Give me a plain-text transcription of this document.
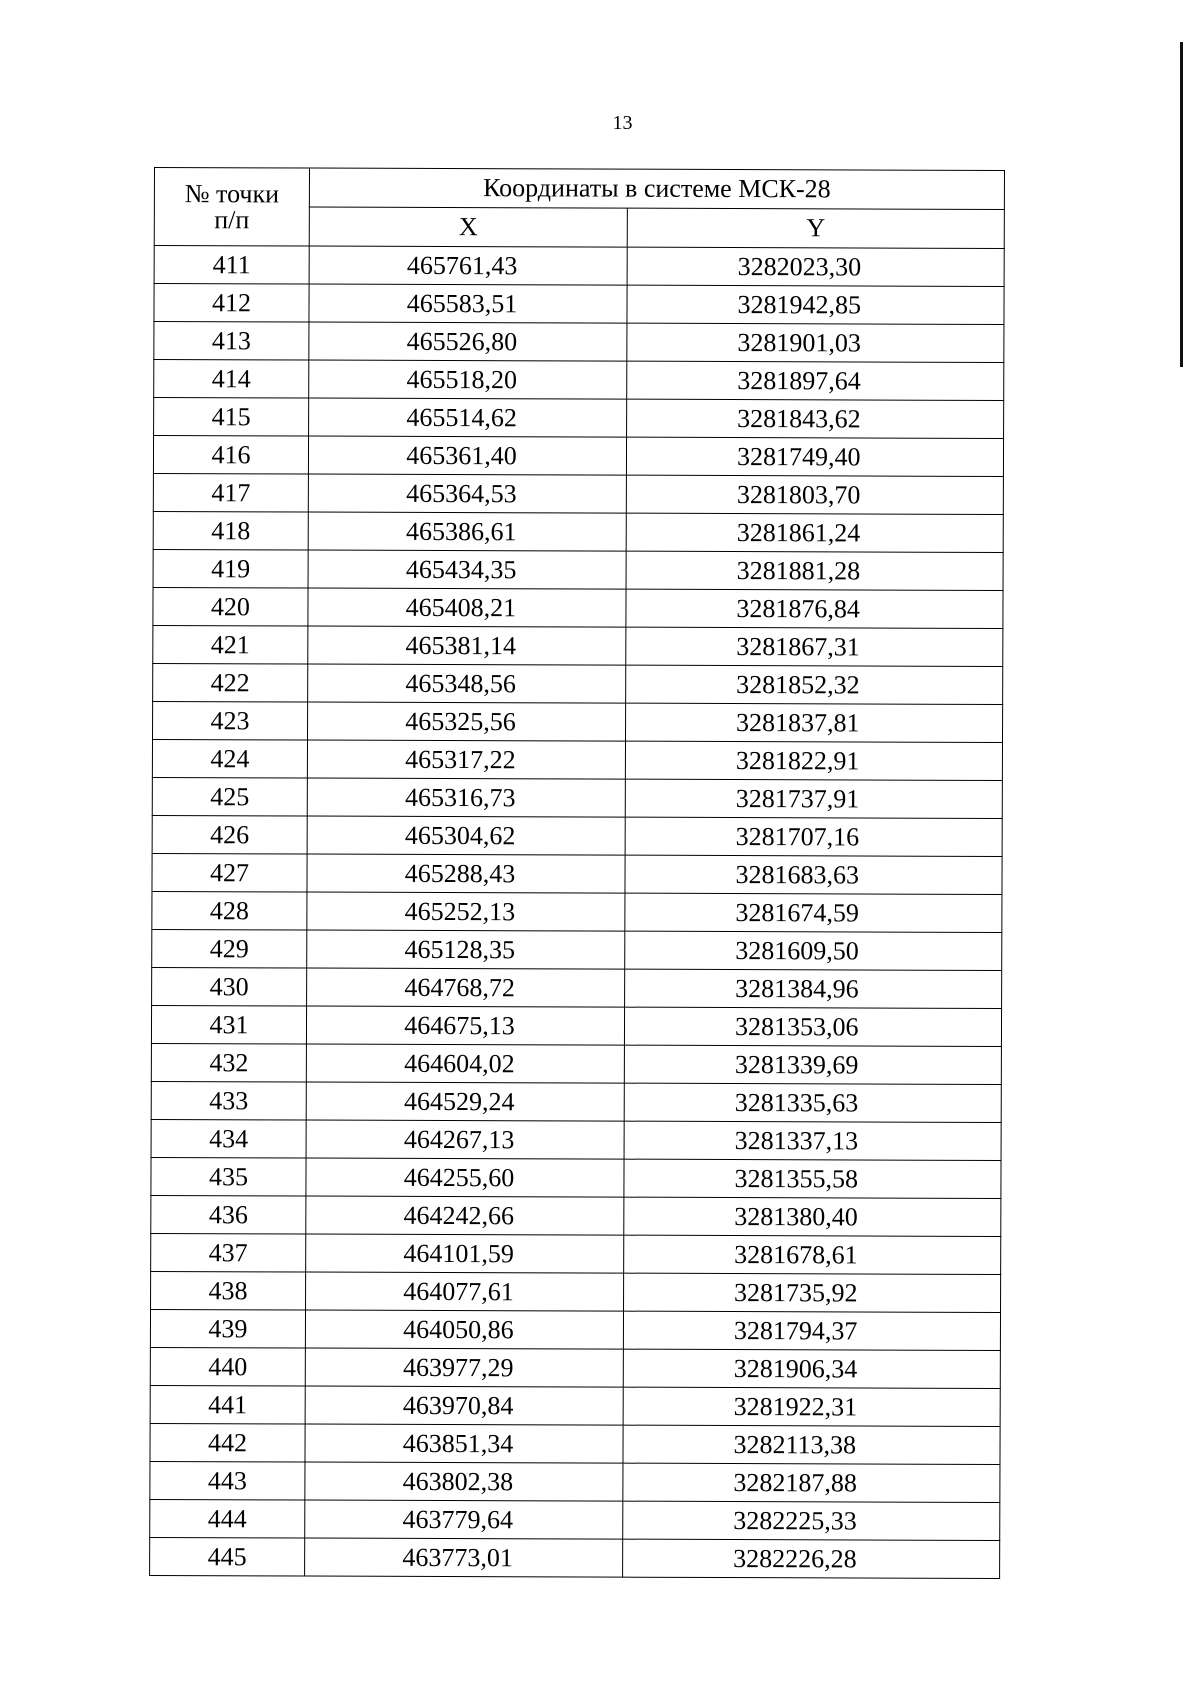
13
№ точки
п/п	Координаты в системе МСК-28	
	X	Y
411	465761,43	3282023,30
412	465583,51	3281942,85
413	465526,80	3281901,03
414	465518,20	3281897,64
415	465514,62	3281843,62
416	465361,40	3281749,40
417	465364,53	3281803,70
418	465386,61	3281861,24
419	465434,35	3281881,28
420	465408,21	3281876,84
421	465381,14	3281867,31
422	465348,56	3281852,32
423	465325,56	3281837,81
424	465317,22	3281822,91
425	465316,73	3281737,91
426	465304,62	3281707,16
427	465288,43	3281683,63
428	465252,13	3281674,59
429	465128,35	3281609,50
430	464768,72	3281384,96
431	464675,13	3281353,06
432	464604,02	3281339,69
433	464529,24	3281335,63
434	464267,13	3281337,13
435	464255,60	3281355,58
436	464242,66	3281380,40
437	464101,59	3281678,61
438	464077,61	3281735,92
439	464050,86	3281794,37
440	463977,29	3281906,34
441	463970,84	3281922,31
442	463851,34	3282113,38
443	463802,38	3282187,88
444	463779,64	3282225,33
445	463773,01	3282226,28
